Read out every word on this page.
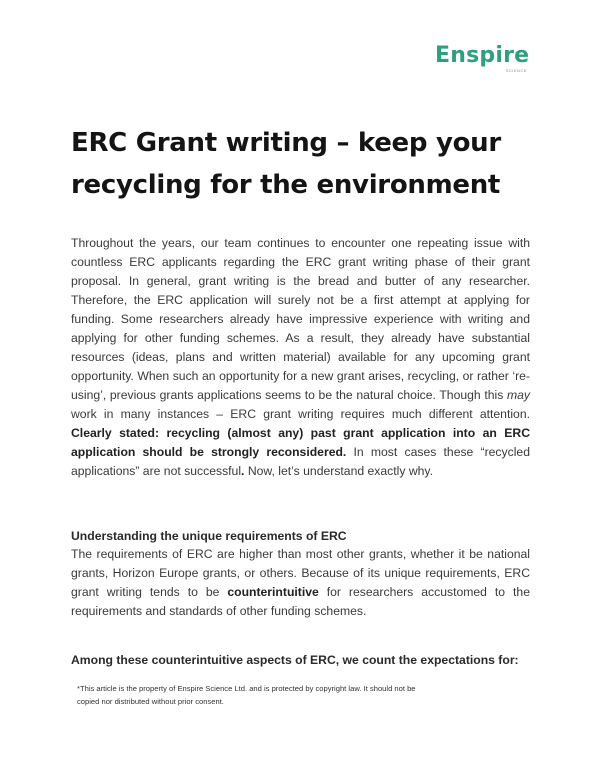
Enspire
SCIENCE
ERC Grant writing – keep your recycling for the environment

Throughout the years, our team continues to encounter one repeating issue with countless ERC applicants regarding the ERC grant writing phase of their grant proposal. In general, grant writing is the bread and butter of any researcher. Therefore, the ERC application will surely not be a first attempt at applying for funding. Some researchers already have impressive experience with writing and applying for other funding schemes. As a result, they already have substantial resources (ideas, plans and written material) available for any upcoming grant opportunity. When such an opportunity for a new grant arises, recycling, or rather ‘re-using’, previous grants applications seems to be the natural choice. Though this may work in many instances – ERC grant writing requires much different attention. Clearly stated: recycling (almost any) past grant application into an ERC application should be strongly reconsidered. In most cases these “recycled applications” are not successful. Now, let’s understand exactly why.

Understanding the unique requirements of ERC

The requirements of ERC are higher than most other grants, whether it be national grants, Horizon Europe grants, or others. Because of its unique requirements, ERC grant writing tends to be counterintuitive for researchers accustomed to the requirements and standards of other funding schemes.

Among these counterintuitive aspects of ERC, we count the expectations for:

*This article is the property of Enspire Science Ltd. and is protected by copyright law. It should not be
copied nor distributed without prior consent.
